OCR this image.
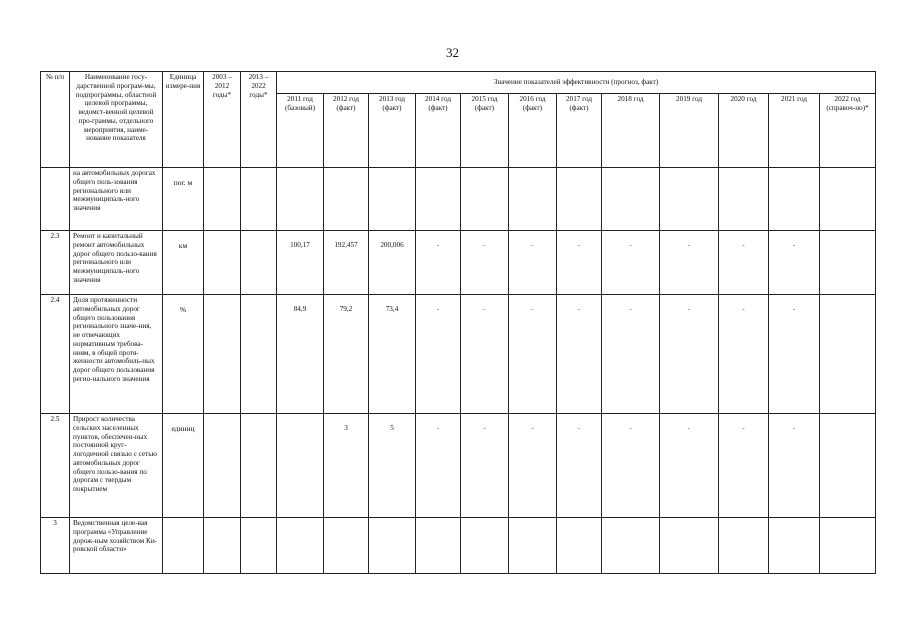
32
№ п/п	Наименование госу-дарственной програм-мы, подпрограммы, областной целевой программы, ведомст-венной целевой про-граммы, отдельного мероприятия, наиме-нование показателя	Единица измере-ния	2003 – 2012 годы*	2013 – 2022 годы*	Значение показателей эффективности (прогноз, факт)											
					2011 год (базовый)	2012 год (факт)	2013 год (факт)	2014 год (факт)	2015 год (факт)	2016 год (факт)	2017 год (факт)	2018 год	2019 год	2020 год	2021 год	2022 год (справоч-но)*
	на автомобильных дорогах общего поль-зования регионального или межмуниципаль-ного значения	пог. м														
2.3	Ремонт и капитальный ремонт автомобильных дорог общего пользо-вания регионального или межмуниципаль-ного значения	км			100,17	192,457	200,006	-	-	-	-	-	-	-	-	
2.4	Доля протяженности автомобильных дорог общего пользования регионального значе-ния, не отвечающих нормативным требова-ниям, в общей протя-женности автомобиль-ных дорог общего пользования регио-нального значения	%			84,9	79,2	73,4	-	-	-	-	-	-	-	-	
2.5	Прирост количества сельских населенных пунктов, обеспечен-ных постоянной круг-логодичной связью с сетью автомобильных дорог общего пользо-вания по дорогам с твердым покрытием	единиц				3	5	-	-	-	-	-	-	-	-	
3	Ведомственная целе-вая программа «Управление дорож-ным хозяйством Ки-ровской области»															
